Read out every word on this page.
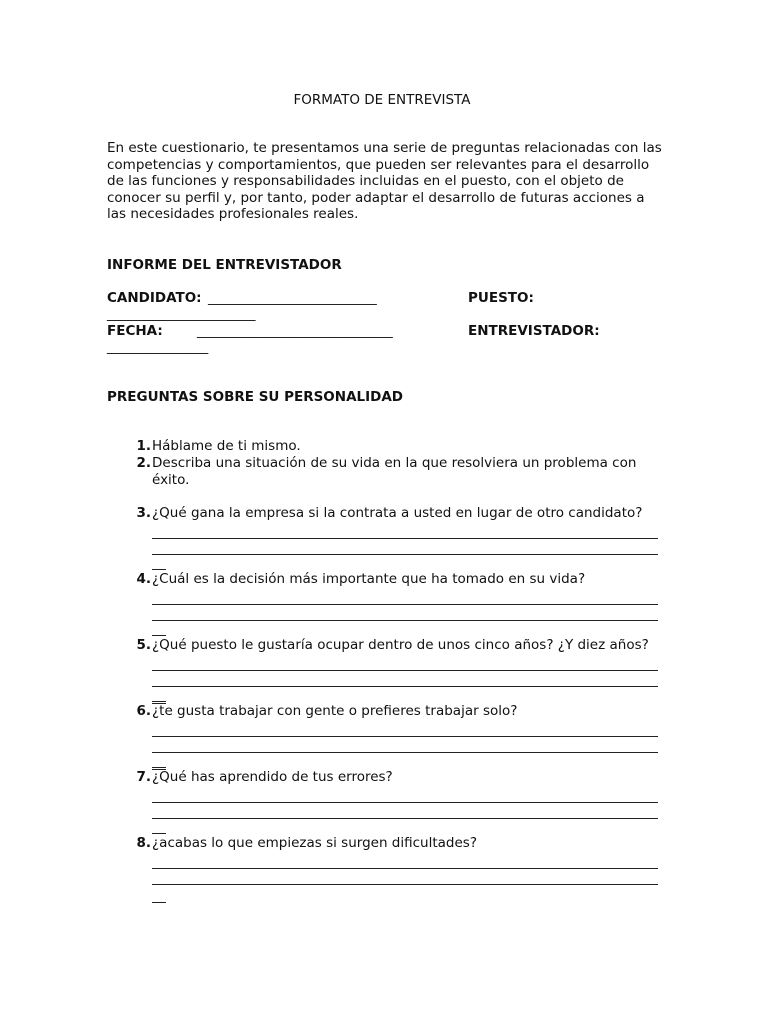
FORMATO DE ENTREVISTA
En este cuestionario, te presentamos una serie de preguntas relacionadas con las competencias y comportamientos, que pueden ser relevantes para el desarrollo de las funciones y responsabilidades incluidas en el puesto, con el objeto de conocer su perfil y, por tanto, poder adaptar el desarrollo de futuras acciones a las necesidades profesionales reales.
INFORME DEL ENTREVISTADOR
CANDIDATO: _________________________	PUESTO:
______________________
FECHA:	_____________________________	ENTREVISTADOR:
_______________
PREGUNTAS SOBRE SU PERSONALIDAD
1. Háblame de ti mismo.
2. Describa una situación de su vida en la que resolviera un problema con éxito.
3. ¿Qué gana la empresa si la contrata a usted en lugar de otro candidato?
4. ¿Cuál es la decisión más importante que ha tomado en su vida?
5. ¿Qué puesto le gustaría ocupar dentro de unos cinco años? ¿Y diez años?
6. ¿te gusta trabajar con gente o prefieres trabajar solo?
7. ¿Qué has aprendido de tus errores?
8. ¿acabas lo que empiezas si surgen dificultades?
